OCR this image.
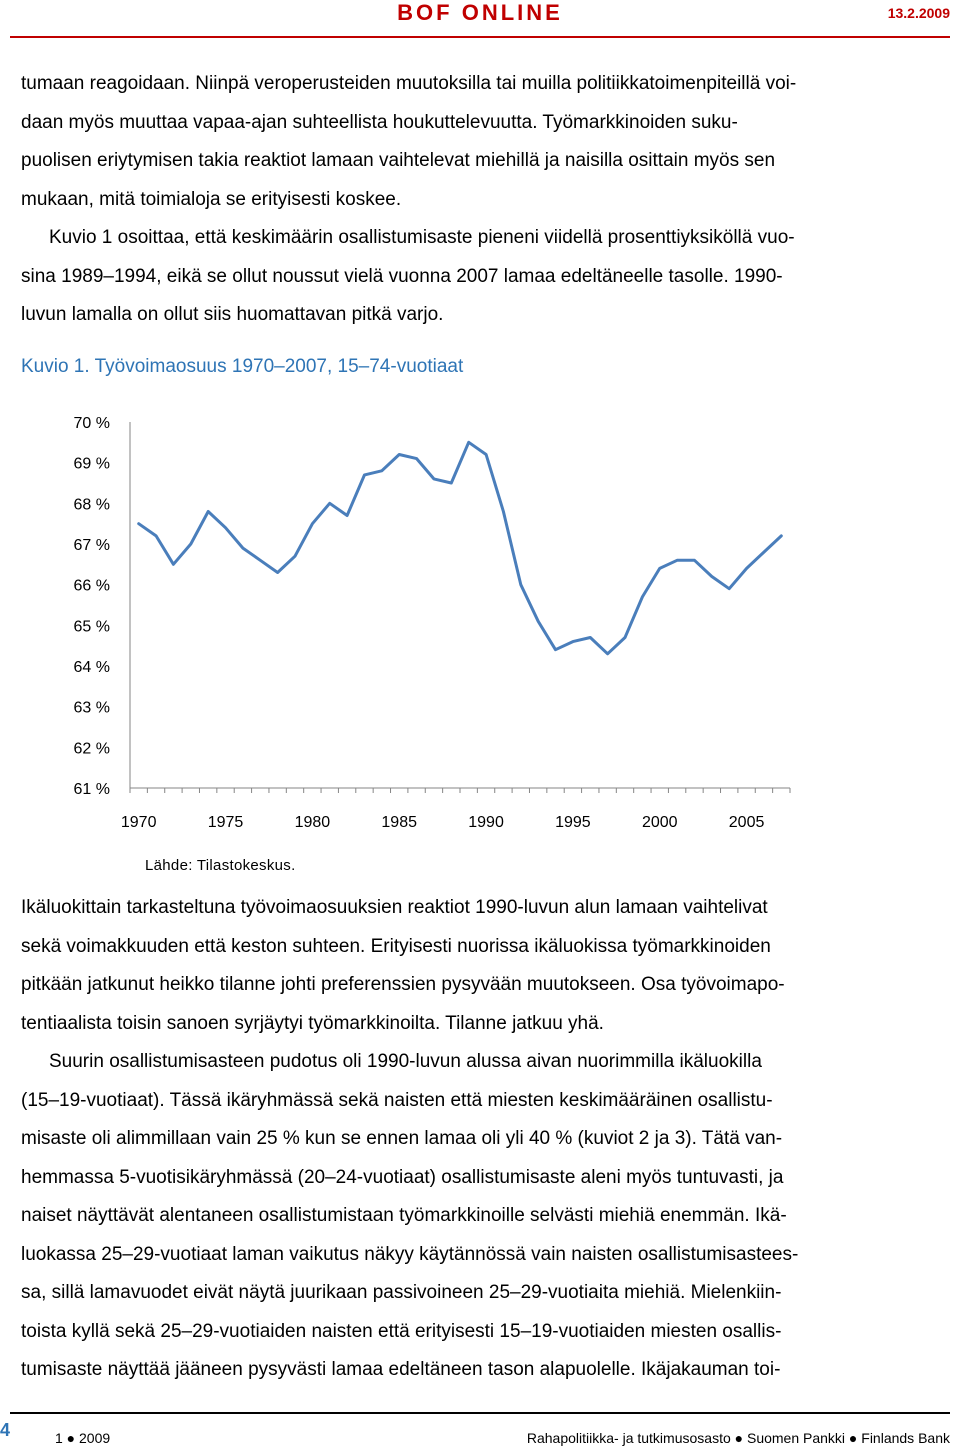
BOF ONLINE	13.2.2009

tumaan reagoidaan. Niinpä veroperusteiden muutoksilla tai muilla politiikkatoimenpiteillä voi-

daan myös muuttaa vapaa-ajan suhteellista houkuttelevuutta. Työmarkkinoiden suku-

puolisen eriytymisen takia reaktiot lamaan vaihtelevat miehillä ja naisilla osittain myös sen

mukaan, mitä toimialoja se erityisesti koskee.

Kuvio 1 osoittaa, että keskimäärin osallistumisaste pieneni viidellä prosenttiyksiköllä vuo-

sina 1989–1994, eikä se ollut noussut vielä vuonna 2007 lamaa edeltäneelle tasolle. 1990-

luvun lamalla on ollut siis huomattavan pitkä varjo.

Kuvio 1. Työvoimaosuus 1970–2007, 15–74-vuotiaat
70 %
69 %
68 %
67 %
66 %
65 %
64 %
63 %
62 %
61 %
1970	1975	1980	1985	1990	1995	2000	2005
Lähde: Tilastokeskus.

Ikäluokittain tarkasteltuna työvoimaosuuksien reaktiot 1990-luvun alun lamaan vaihtelivat

sekä voimakkuuden että keston suhteen. Erityisesti nuorissa ikäluokissa työmarkkinoiden

pitkään jatkunut heikko tilanne johti preferenssien pysyvään muutokseen. Osa työvoimapo-

tentiaalista toisin sanoen syrjäytyi työmarkkinoilta. Tilanne jatkuu yhä.

Suurin osallistumisasteen pudotus oli 1990-luvun alussa aivan nuorimmilla ikäluokilla

(15–19-vuotiaat). Tässä ikäryhmässä sekä naisten että miesten keskimääräinen osallistu-

misaste oli alimmillaan vain 25 % kun se ennen lamaa oli yli 40 % (kuviot 2 ja 3). Tätä van-

hemmassa 5-vuotisikäryhmässä (20–24-vuotiaat) osallistumisaste aleni myös tuntuvasti, ja

naiset näyttävät alentaneen osallistumistaan työmarkkinoille selvästi miehiä enemmän. Ikä-

luokassa 25–29-vuotiaat laman vaikutus näkyy käytännössä vain naisten osallistumisastees-

sa, sillä lamavuodet eivät näytä juurikaan passivoineen 25–29-vuotiaita miehiä. Mielenkiin-

toista kyllä sekä 25–29-vuotiaiden naisten että erityisesti 15–19-vuotiaiden miesten osallis-

tumisaste näyttää jääneen pysyvästi lamaa edeltäneen tason alapuolelle. Ikäjakauman toi-

4	1 ● 2009	Rahapolitiikka- ja tutkimusosasto ● Suomen Pankki ● Finlands Bank
